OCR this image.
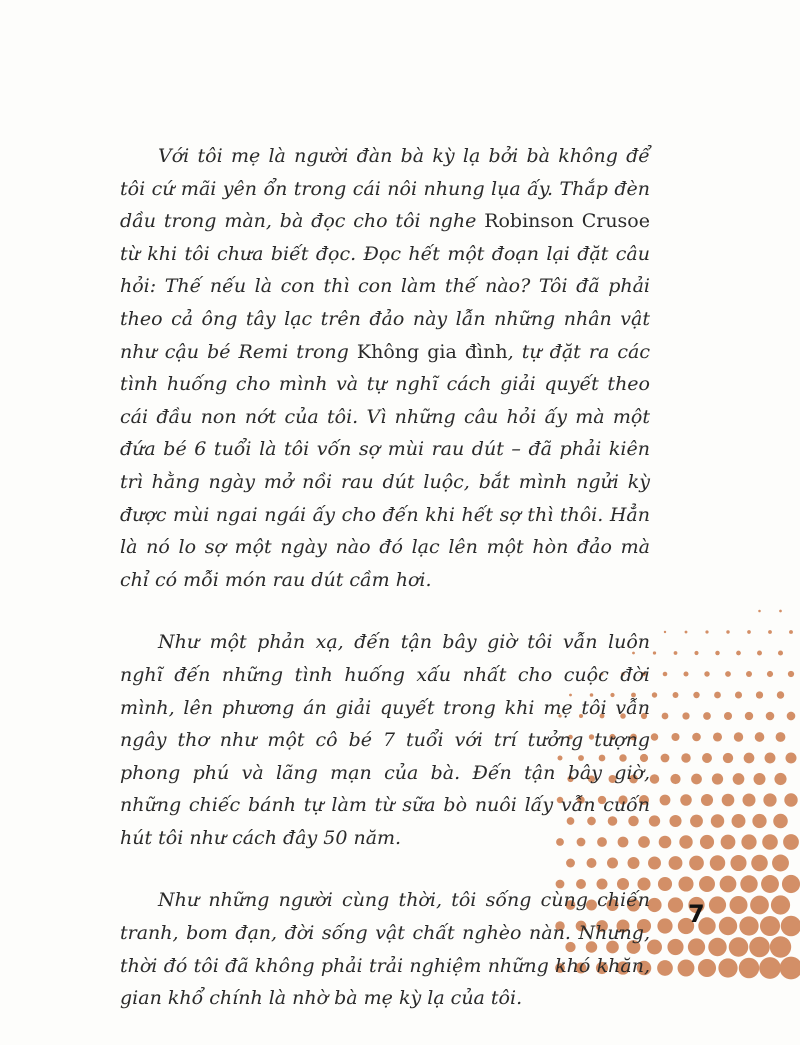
Với tôi mẹ là người đàn bà kỳ lạ bởi bà không để tôi cứ mãi yên ổn trong cái nôi nhung lụa ấy. Thắp đèn dầu trong màn, bà đọc cho tôi nghe Robinson Crusoe từ khi tôi chưa biết đọc. Đọc hết một đoạn lại đặt câu hỏi: Thế nếu là con thì con làm thế nào? Tôi đã phải theo cả ông tây lạc trên đảo này lẫn những nhân vật như cậu bé Remi trong Không gia đình, tự đặt ra các tình huống cho mình và tự nghĩ cách giải quyết theo cái đầu non nớt của tôi. Vì những câu hỏi ấy mà một đứa bé 6 tuổi là tôi vốn sợ mùi rau dút – đã phải kiên trì hằng ngày mở nồi rau dút luộc, bắt mình ngửi kỳ được mùi ngai ngái ấy cho đến khi hết sợ thì thôi. Hẳn là nó lo sợ một ngày nào đó lạc lên một hòn đảo mà chỉ có mỗi món rau dút cầm hơi.

Như một phản xạ, đến tận bây giờ tôi vẫn luôn nghĩ đến những tình huống xấu nhất cho cuộc đời mình, lên phương án giải quyết trong khi mẹ tôi vẫn ngây thơ như một cô bé 7 tuổi với trí tưởng tượng phong phú và lãng mạn của bà. Đến tận bây giờ, những chiếc bánh tự làm từ sữa bò nuôi lấy vẫn cuốn hút tôi như cách đây 50 năm.

Như những người cùng thời, tôi sống cùng chiến tranh, bom đạn, đời sống vật chất nghèo nàn. Nhưng, thời đó tôi đã không phải trải nghiệm những khó khăn, gian khổ chính là nhờ bà mẹ kỳ lạ của tôi.

7
